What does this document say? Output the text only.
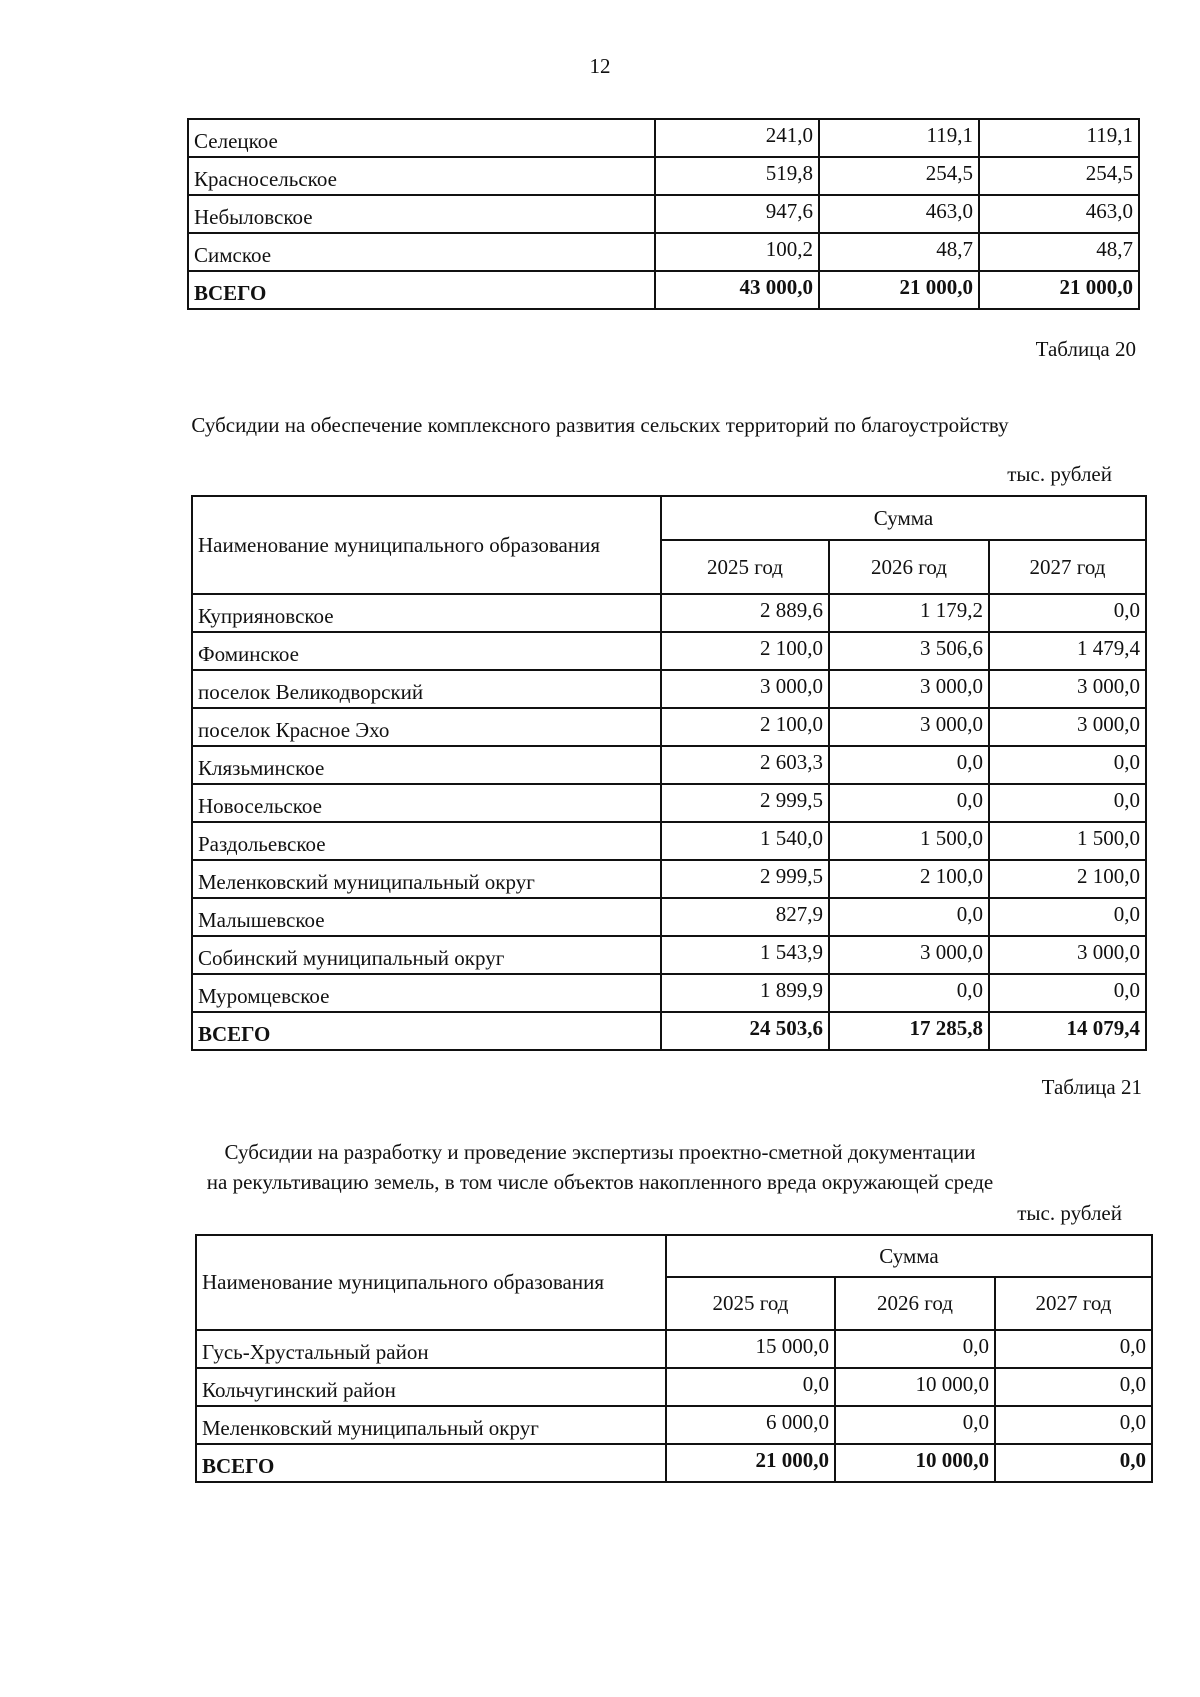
12
Селецкое	241,0	119,1	119,1
Красносельское	519,8	254,5	254,5
Небыловское	947,6	463,0	463,0
Симское	100,2	48,7	48,7
ВСЕГО	43 000,0	21 000,0	21 000,0
Таблица 20
Субсидии на обеспечение комплексного развития сельских территорий по благоустройству
тыс. рублей
Наименование муниципального образования	Сумма		
	2025 год	2026 год	2027 год
Куприяновское	2 889,6	1 179,2	0,0
Фоминское	2 100,0	3 506,6	1 479,4
поселок Великодворский	3 000,0	3 000,0	3 000,0
поселок Красное Эхо	2 100,0	3 000,0	3 000,0
Клязьминское	2 603,3	0,0	0,0
Новосельское	2 999,5	0,0	0,0
Раздольевское	1 540,0	1 500,0	1 500,0
Меленковский муниципальный округ	2 999,5	2 100,0	2 100,0
Малышевское	827,9	0,0	0,0
Собинский муниципальный округ	1 543,9	3 000,0	3 000,0
Муромцевское	1 899,9	0,0	0,0
ВСЕГО	24 503,6	17 285,8	14 079,4
Таблица 21
Субсидии на разработку и проведение экспертизы проектно-сметной документации
на рекультивацию земель, в том числе объектов накопленного вреда окружающей среде
тыс. рублей
Наименование муниципального образования	Сумма		
	2025 год	2026 год	2027 год
Гусь-Хрустальный район	15 000,0	0,0	0,0
Кольчугинский район	0,0	10 000,0	0,0
Меленковский муниципальный округ	6 000,0	0,0	0,0
ВСЕГО	21 000,0	10 000,0	0,0
